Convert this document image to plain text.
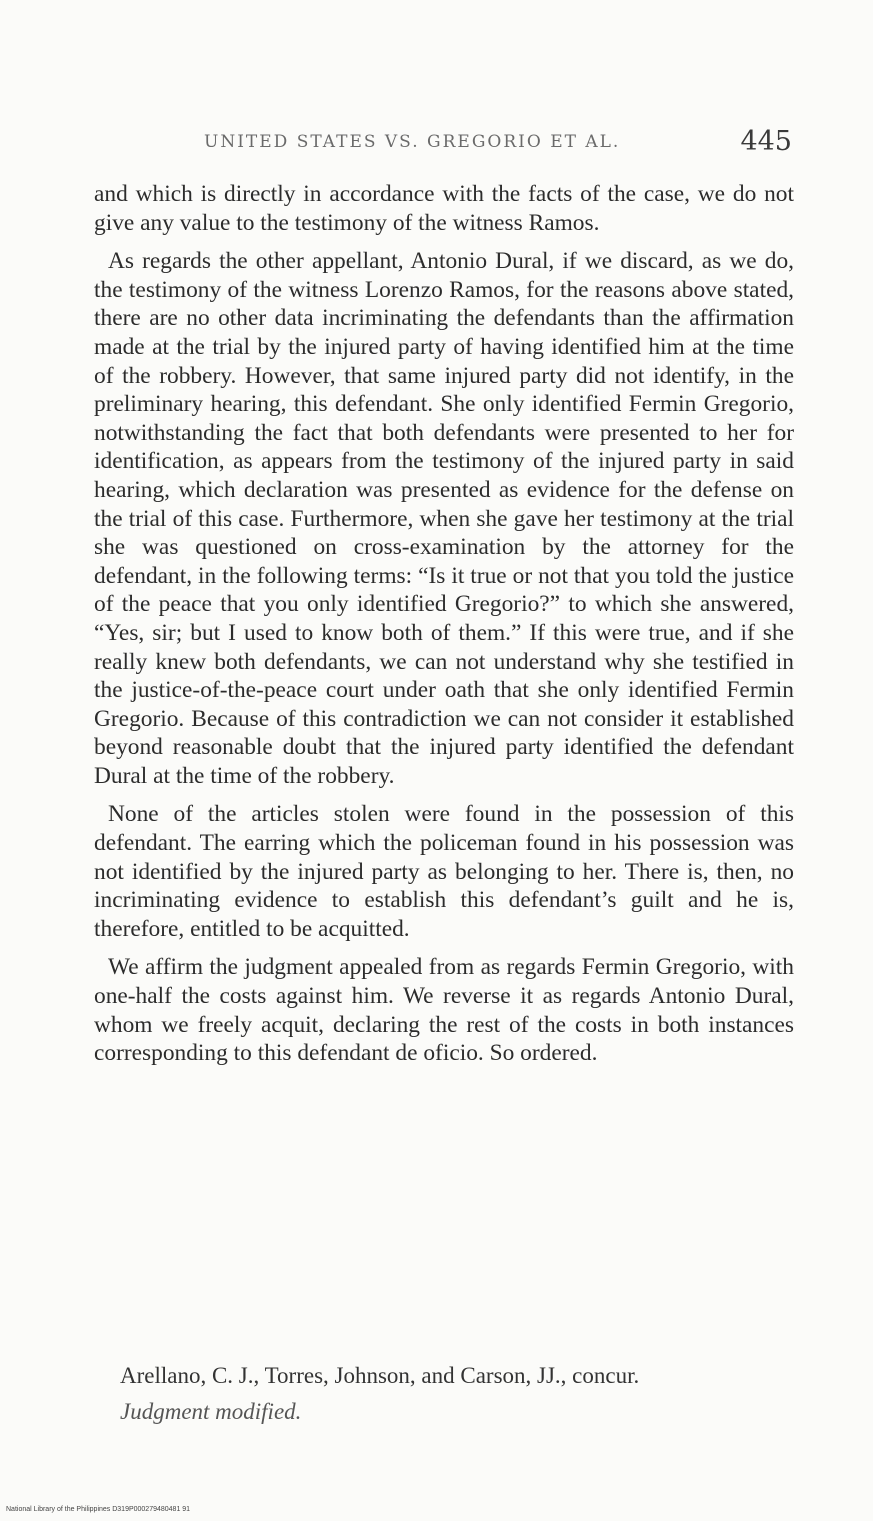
UNITED STATES VS. GREGORIO ET AL.	445

and which is directly in accordance with the facts of the case, we do not give any value to the testimony of the witness Ramos.

As regards the other appellant, Antonio Dural, if we discard, as we do, the testimony of the witness Lorenzo Ramos, for the reasons above stated, there are no other data incriminating the defendants than the affirmation made at the trial by the injured party of having identified him at the time of the robbery. However, that same injured party did not identify, in the preliminary hearing, this defendant. She only identified Fermin Gregorio, notwithstanding the fact that both defendants were presented to her for identification, as appears from the testimony of the injured party in said hearing, which declaration was presented as evidence for the defense on the trial of this case. Furthermore, when she gave her testimony at the trial she was questioned on cross-examination by the attorney for the defendant, in the following terms: “Is it true or not that you told the justice of the peace that you only identified Gregorio?” to which she answered, “Yes, sir; but I used to know both of them.” If this were true, and if she really knew both defendants, we can not understand why she testified in the justice-of-the-peace court under oath that she only identified Fermin Gregorio. Because of this contradiction we can not consider it established beyond reasonable doubt that the injured party identified the defendant Dural at the time of the robbery.

None of the articles stolen were found in the possession of this defendant. The earring which the policeman found in his possession was not identified by the injured party as belonging to her. There is, then, no incriminating evidence to establish this defendant’s guilt and he is, therefore, entitled to be acquitted.

We affirm the judgment appealed from as regards Fermin Gregorio, with one-half the costs against him. We reverse it as regards Antonio Dural, whom we freely acquit, declaring the rest of the costs in both instances corresponding to this defendant de oficio. So ordered.

Arellano, C. J., Torres, Johnson, and Carson, JJ., concur.

Judgment modified.

National Library of the Philippines D319P000279480481 91
